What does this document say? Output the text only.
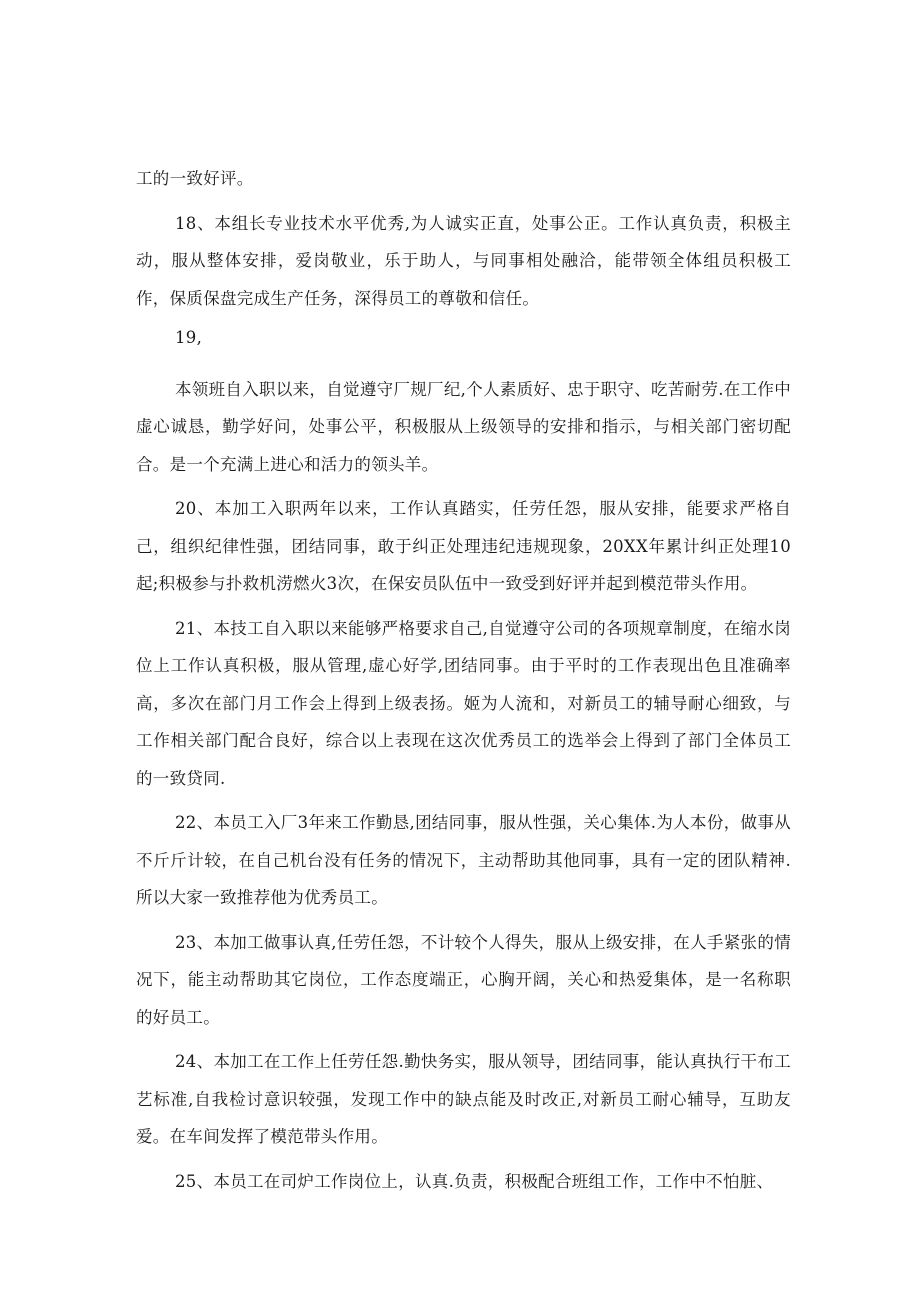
工的一致好评。

18、本组长专业技术水平优秀,为人诚实正直，处事公正。工作认真负责，积极主动，服从整体安排，爱岗敬业，乐于助人，与同事相处融洽，能带领全体组员积极工作，保质保盘完成生产任务，深得员工的尊敬和信任。

19,

本领班自入职以来，自觉遵守厂规厂纪,个人素质好、忠于职守、吃苦耐劳.在工作中虚心诚恳，勤学好问，处事公平，积极服从上级领导的安排和指示，与相关部门密切配合。是一个充满上进心和活力的领头羊。

20、本加工入职两年以来，工作认真踏实，任劳任怨，服从安排，能要求严格自己，组织纪律性强，团结同事，敢于纠正处理违纪违规现象，20XX年累计纠正处理10起;积极参与扑救机涝燃火3次，在保安员队伍中一致受到好评并起到模范带头作用。

21、本技工自入职以来能够严格要求自己,自觉遵守公司的各项规章制度，在缩水岗位上工作认真积极，服从管理,虚心好学,团结同事。由于平时的工作表现出色且准确率高，多次在部门月工作会上得到上级表扬。姬为人流和，对新员工的辅导耐心细致，与工作相关部门配合良好，综合以上表现在这次优秀员工的选举会上得到了部门全体员工的一致贷同.

22、本员工入厂3年来工作勤恳,团结同事，服从性强，关心集体.为人本份，做事从不斤斤计较，在自己机台没有任务的情况下，主动帮助其他同事，具有一定的团队精神.所以大家一致推荐他为优秀员工。

23、本加工做事认真,任劳任怨，不计较个人得失，服从上级安排，在人手紧张的情况下，能主动帮助其它岗位，工作态度端正，心胸开阔，关心和热爱集体，是一名称职的好员工。

24、本加工在工作上任劳任怨.勤快务实，服从领导，团结同事，能认真执行干布工艺标准,自我检讨意识较强，发现工作中的缺点能及时改正,对新员工耐心辅导，互助友爱。在车间发挥了模范带头作用。

25、本员工在司炉工作岗位上，认真.负责，积极配合班组工作，工作中不怕脏、
